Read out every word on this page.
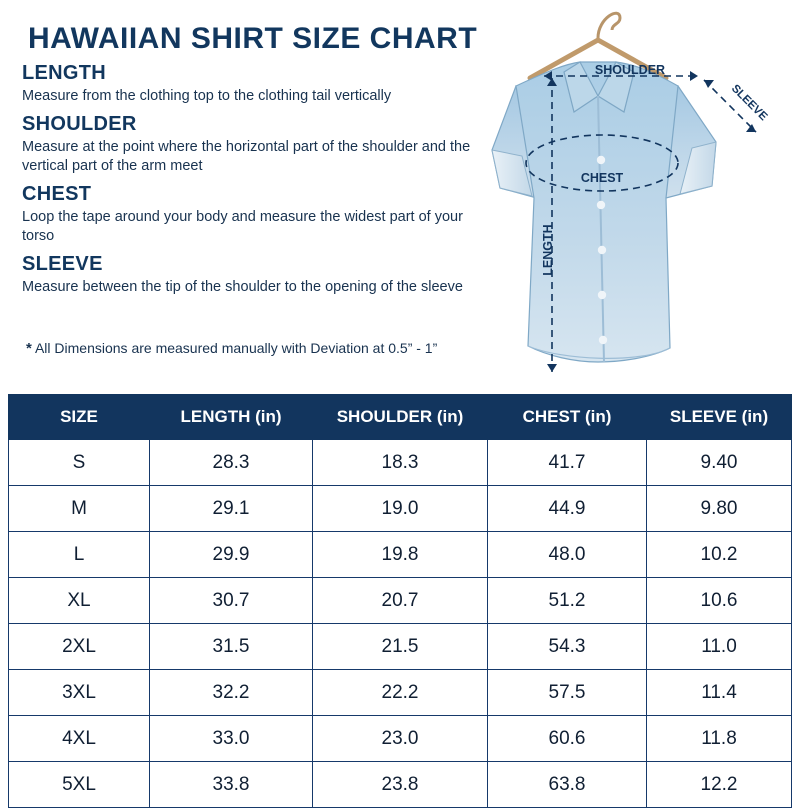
HAWAIIAN SHIRT SIZE CHART
LENGTH
Measure from the clothing top to the clothing tail vertically
SHOULDER
Measure at the point where the horizontal part of the shoulder and the vertical part of the arm meet
CHEST
Loop the tape around your body and measure the widest part of your torso
SLEEVE
Measure between the tip of the shoulder to the opening of the sleeve
* All Dimensions are measured manually with Deviation at 0.5” - 1”
SHOULDER
SLEEVE
CHEST
LENGTH
SIZE	LENGTH (in)	SHOULDER (in)	CHEST (in)	SLEEVE (in)
S	28.3	18.3	41.7	9.40
M	29.1	19.0	44.9	9.80
L	29.9	19.8	48.0	10.2
XL	30.7	20.7	51.2	10.6
2XL	31.5	21.5	54.3	11.0
3XL	32.2	22.2	57.5	11.4
4XL	33.0	23.0	60.6	11.8
5XL	33.8	23.8	63.8	12.2
